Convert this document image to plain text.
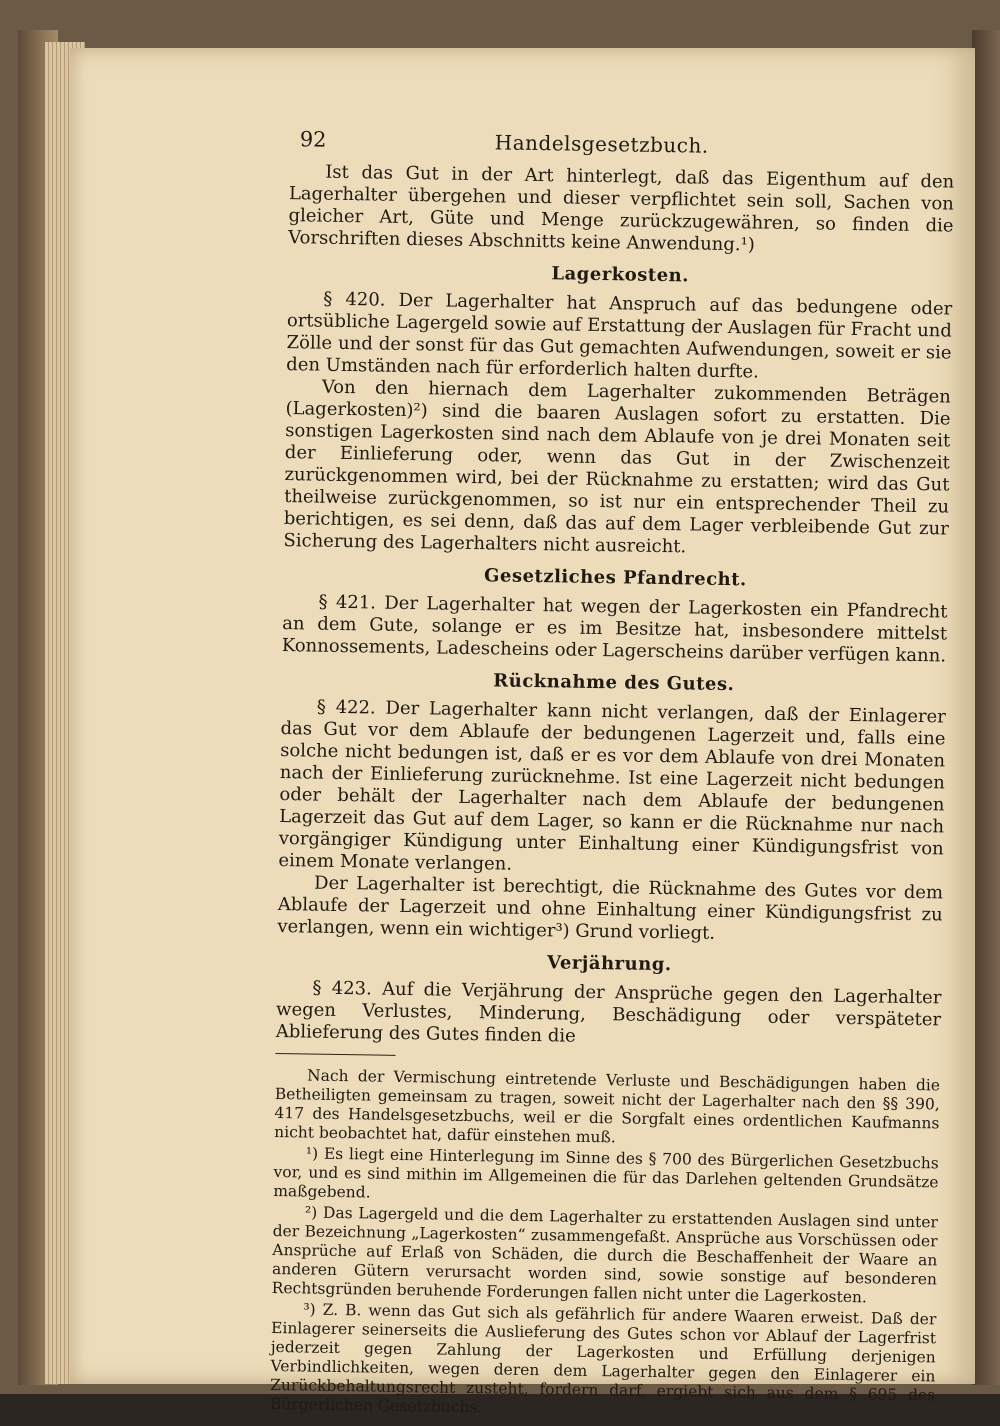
92	Handelsgesetzbuch.

Ist das Gut in der Art hinterlegt, daß das Eigenthum auf den Lagerhalter übergehen und dieser verpflichtet sein soll, Sachen von gleicher Art, Güte und Menge zurückzugewähren, so finden die Vorschriften dieses Abschnitts keine Anwendung.¹)

Lagerkosten.

§ 420. Der Lagerhalter hat Anspruch auf das bedungene oder ortsübliche Lagergeld sowie auf Erstattung der Auslagen für Fracht und Zölle und der sonst für das Gut gemachten Aufwendungen, soweit er sie den Umständen nach für erforderlich halten durfte.

Von den hiernach dem Lagerhalter zukommenden Beträgen (Lagerkosten)²) sind die baaren Auslagen sofort zu erstatten. Die sonstigen Lagerkosten sind nach dem Ablaufe von je drei Monaten seit der Einlieferung oder, wenn das Gut in der Zwischenzeit zurückgenommen wird, bei der Rücknahme zu erstatten; wird das Gut theilweise zurückgenommen, so ist nur ein entsprechender Theil zu berichtigen, es sei denn, daß das auf dem Lager verbleibende Gut zur Sicherung des Lagerhalters nicht ausreicht.

Gesetzliches Pfandrecht.

§ 421. Der Lagerhalter hat wegen der Lagerkosten ein Pfandrecht an dem Gute, solange er es im Besitze hat, insbesondere mittelst Konnossements, Ladescheins oder Lagerscheins darüber verfügen kann.

Rücknahme des Gutes.

§ 422. Der Lagerhalter kann nicht verlangen, daß der Einlagerer das Gut vor dem Ablaufe der bedungenen Lagerzeit und, falls eine solche nicht bedungen ist, daß er es vor dem Ablaufe von drei Monaten nach der Einlieferung zurücknehme. Ist eine Lagerzeit nicht bedungen oder behält der Lagerhalter nach dem Ablaufe der bedungenen Lagerzeit das Gut auf dem Lager, so kann er die Rücknahme nur nach vorgängiger Kündigung unter Einhaltung einer Kündigungsfrist von einem Monate verlangen.

Der Lagerhalter ist berechtigt, die Rücknahme des Gutes vor dem Ablaufe der Lagerzeit und ohne Einhaltung einer Kündigungsfrist zu verlangen, wenn ein wichtiger³) Grund vorliegt.

Verjährung.

§ 423. Auf die Verjährung der Ansprüche gegen den Lagerhalter wegen Verlustes, Minderung, Beschädigung oder verspäteter Ablieferung des Gutes finden die

Nach der Vermischung eintretende Verluste und Beschädigungen haben die Betheiligten gemeinsam zu tragen, soweit nicht der Lagerhalter nach den §§ 390, 417 des Handelsgesetzbuchs, weil er die Sorgfalt eines ordentlichen Kaufmanns nicht beobachtet hat, dafür einstehen muß.

¹) Es liegt eine Hinterlegung im Sinne des § 700 des Bürgerlichen Gesetzbuchs vor, und es sind mithin im Allgemeinen die für das Darlehen geltenden Grundsätze maßgebend.

²) Das Lagergeld und die dem Lagerhalter zu erstattenden Auslagen sind unter der Bezeichnung „Lagerkosten“ zusammengefaßt. Ansprüche aus Vorschüssen oder Ansprüche auf Erlaß von Schäden, die durch die Beschaffenheit der Waare an anderen Gütern verursacht worden sind, sowie sonstige auf besonderen Rechtsgründen beruhende Forderungen fallen nicht unter die Lagerkosten.

³) Z. B. wenn das Gut sich als gefährlich für andere Waaren erweist. Daß der Einlagerer seinerseits die Auslieferung des Gutes schon vor Ablauf der Lagerfrist jederzeit gegen Zahlung der Lagerkosten und Erfüllung derjenigen Verbindlichkeiten, wegen deren dem Lagerhalter gegen den Einlagerer ein Zurückbehaltungsrecht zusteht, fordern darf, ergiebt sich aus dem § 695 des Bürgerlichen Gesetzbuchs.
